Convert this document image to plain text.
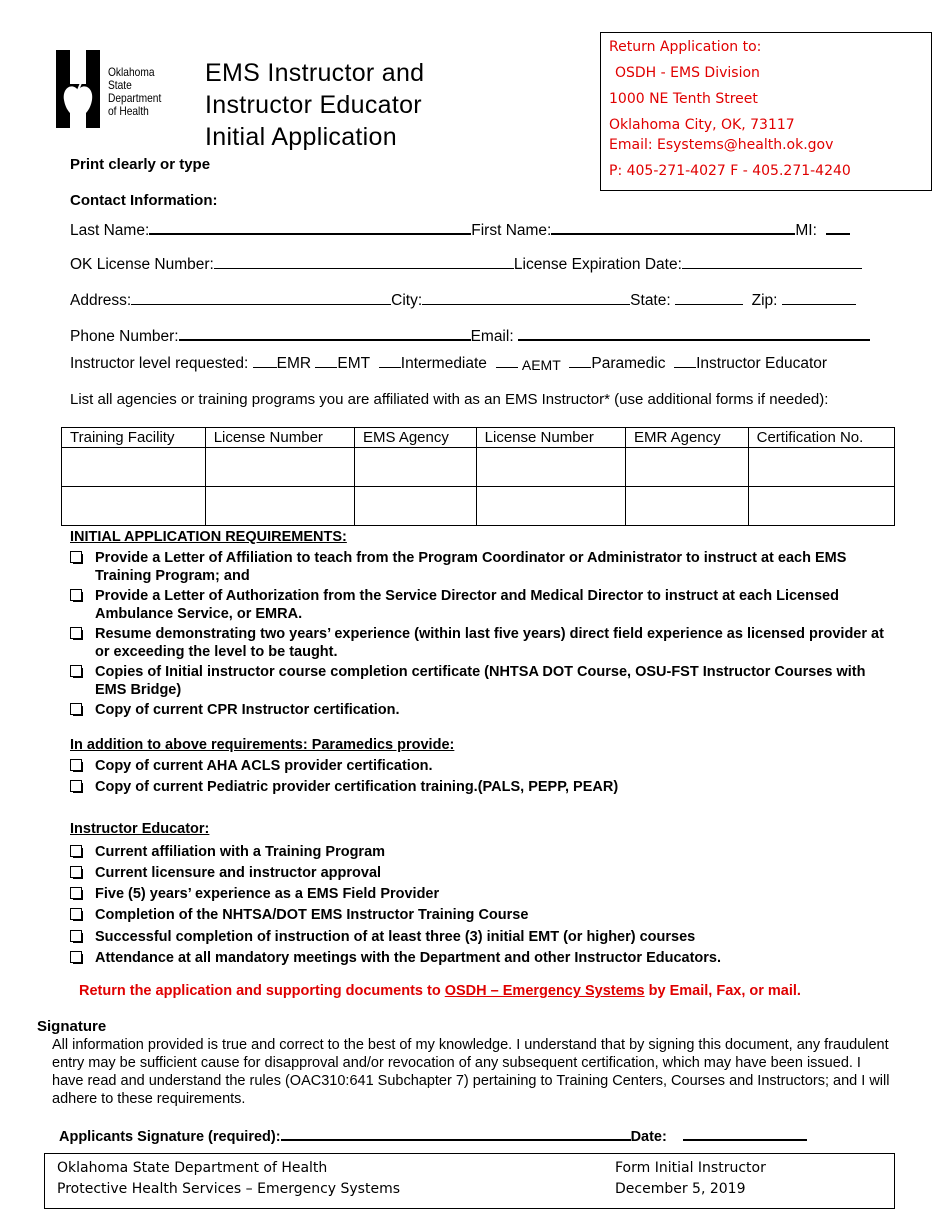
Oklahoma
State
Department
of Health
EMS Instructor and
Instructor Educator
Initial Application
Return Application to:
OSDH - EMS Division
1000 NE Tenth Street
Oklahoma City, OK, 73117
Email: Esystems@health.ok.gov
P: 405-271-4027 F - 405.271-4240
Print clearly or type
Contact Information:
Last Name:	First Name:	MI:
OK License Number:	License Expiration Date:
Address:	City:	State:	Zip:
Phone Number:	Email:
Instructor level requested: EMR EMT Intermediate AEMT Paramedic Instructor Educator
List all agencies or training programs you are affiliated with as an EMS Instructor* (use additional forms if needed):
Training Facility	License Number	EMS Agency	License Number	EMR Agency	Certification No.

INITIAL APPLICATION REQUIREMENTS:
Provide a Letter of Affiliation to teach from the Program Coordinator or Administrator to instruct at each EMS Training Program; and
Provide a Letter of Authorization from the Service Director and Medical Director to instruct at each Licensed Ambulance Service, or EMRA.
Resume demonstrating two years’ experience (within last five years) direct field experience as licensed provider at or exceeding the level to be taught.
Copies of Initial instructor course completion certificate (NHTSA DOT Course, OSU-FST Instructor Courses with EMS Bridge)
Copy of current CPR Instructor certification.
In addition to above requirements: Paramedics provide:
Copy of current AHA ACLS provider certification.
Copy of current Pediatric provider certification training.(PALS, PEPP, PEAR)
Instructor Educator:
Current affiliation with a Training Program
Current licensure and instructor approval
Five (5) years’ experience as a EMS Field Provider
Completion of the NHTSA/DOT EMS Instructor Training Course
Successful completion of instruction of at least three (3) initial EMT (or higher) courses
Attendance at all mandatory meetings with the Department and other Instructor Educators.
Return the application and supporting documents to OSDH – Emergency Systems by Email, Fax, or mail.
Signature
All information provided is true and correct to the best of my knowledge. I understand that by signing this document, any fraudulent entry may be sufficient cause for disapproval and/or revocation of any subsequent certification, which may have been issued. I have read and understand the rules (OAC310:641 Subchapter 7) pertaining to Training Centers, Courses and Instructors; and I will adhere to these requirements.
Applicants Signature (required):	Date:
Oklahoma State Department of Health
Protective Health Services – Emergency Systems
Form Initial Instructor
December 5, 2019
